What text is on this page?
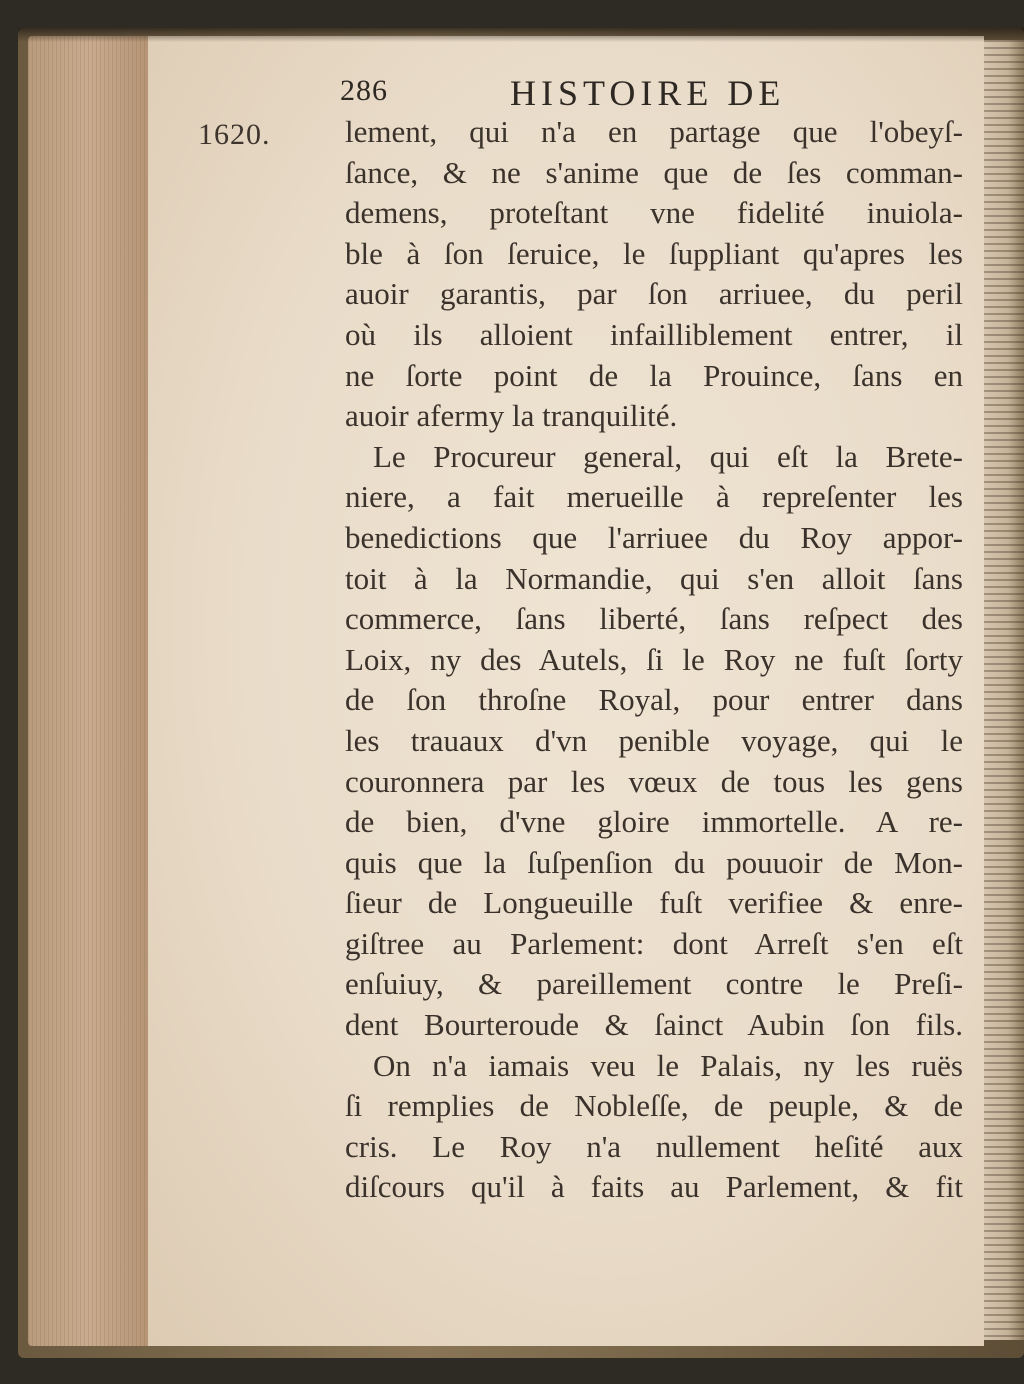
286	HISTOIRE DE
1620. lement, qui n'a en partage que l'obeyſ-
ſance, & ne s'anime que de ſes comman-
demens, proteſtant vne fidelité inuiola-
ble à ſon ſeruice, le ſuppliant qu'apres les
auoir garantis, par ſon arriuee, du peril
où ils alloient infailliblement entrer, il
ne ſorte point de la Prouince, ſans en
auoir afermy la tranquilité.
Le Procureur general, qui eſt la Brete-
niere, a fait merueille à repreſenter les
benedictions que l'arriuee du Roy appor-
toit à la Normandie, qui s'en alloit ſans
commerce, ſans liberté, ſans reſpect des
Loix, ny des Autels, ſi le Roy ne fuſt ſorty
de ſon throſne Royal, pour entrer dans
les trauaux d'vn penible voyage, qui le
couronnera par les vœux de tous les gens
de bien, d'vne gloire immortelle. A re-
quis que la ſuſpenſion du pouuoir de Mon-
ſieur de Longueuille fuſt verifiee & enre-
giſtree au Parlement: dont Arreſt s'en eſt
enſuiuy, & pareillement contre le Preſi-
dent Bourteroude & ſainct Aubin ſon fils.
On n'a iamais veu le Palais, ny les ruës
ſi remplies de Nobleſſe, de peuple, & de
cris. Le Roy n'a nullement heſité aux
diſcours qu'il à faits au Parlement, & fit
